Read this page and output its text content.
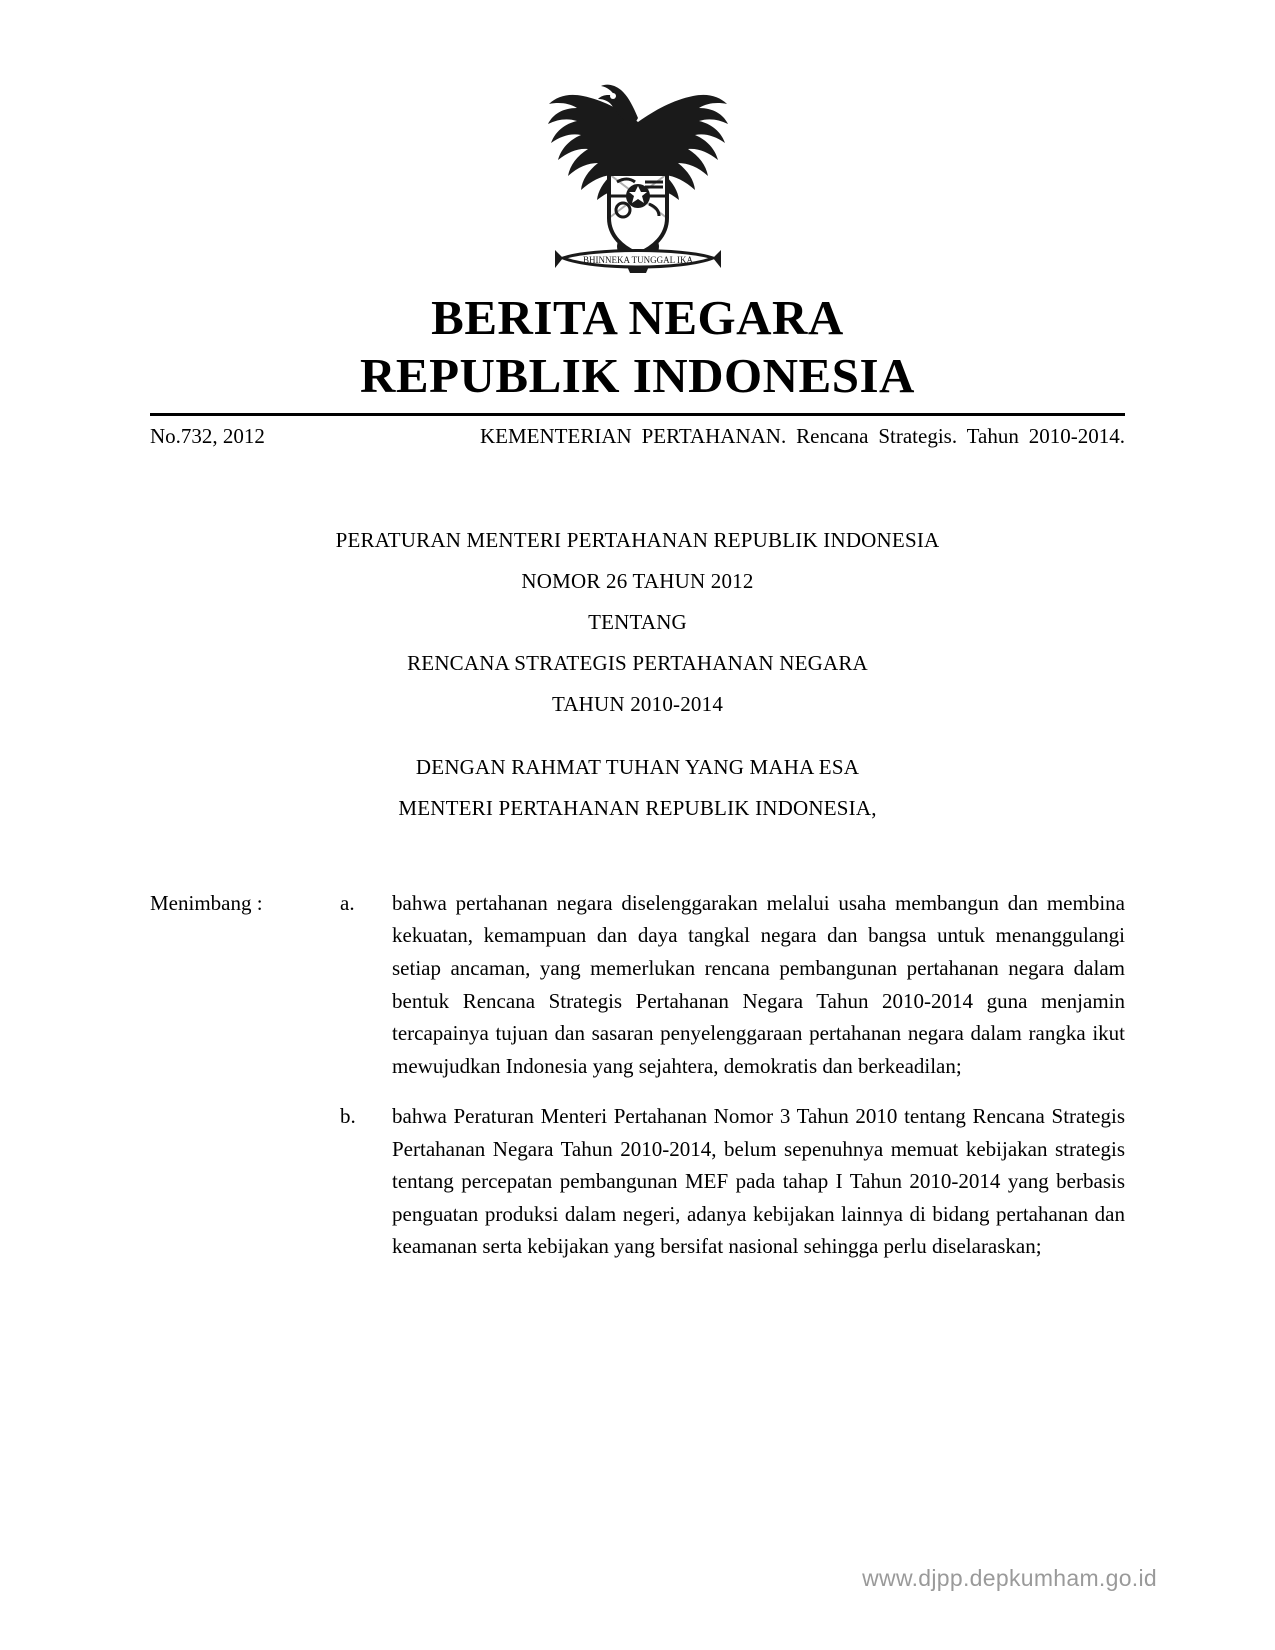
BHINNEKA TUNGGAL IKA
BERITA NEGARA
REPUBLIK INDONESIA
No.732, 2012	KEMENTERIAN PERTAHANAN. Rencana Strategis. Tahun 2010-2014.
PERATURAN MENTERI PERTAHANAN REPUBLIK INDONESIA
NOMOR 26 TAHUN 2012
TENTANG
RENCANA STRATEGIS PERTAHANAN NEGARA
TAHUN 2010-2014
DENGAN RAHMAT TUHAN YANG MAHA ESA
MENTERI PERTAHANAN REPUBLIK INDONESIA,
Menimbang :	a.	bahwa pertahanan negara diselenggarakan melalui usaha membangun dan membina kekuatan, kemampuan dan daya tangkal negara dan bangsa untuk menanggulangi setiap ancaman, yang memerlukan rencana pembangunan pertahanan negara dalam bentuk Rencana Strategis Pertahanan Negara Tahun 2010-2014 guna menjamin tercapainya tujuan dan sasaran penyelenggaraan pertahanan negara dalam rangka ikut mewujudkan Indonesia yang sejahtera, demokratis dan berkeadilan;
b.	bahwa Peraturan Menteri Pertahanan Nomor 3 Tahun 2010 tentang Rencana Strategis Pertahanan Negara Tahun 2010-2014, belum sepenuhnya memuat kebijakan strategis tentang percepatan pembangunan MEF pada tahap I Tahun 2010-2014 yang berbasis penguatan produksi dalam negeri, adanya kebijakan lainnya di bidang pertahanan dan keamanan serta kebijakan yang bersifat nasional sehingga perlu diselaraskan;
www.djpp.depkumham.go.id
